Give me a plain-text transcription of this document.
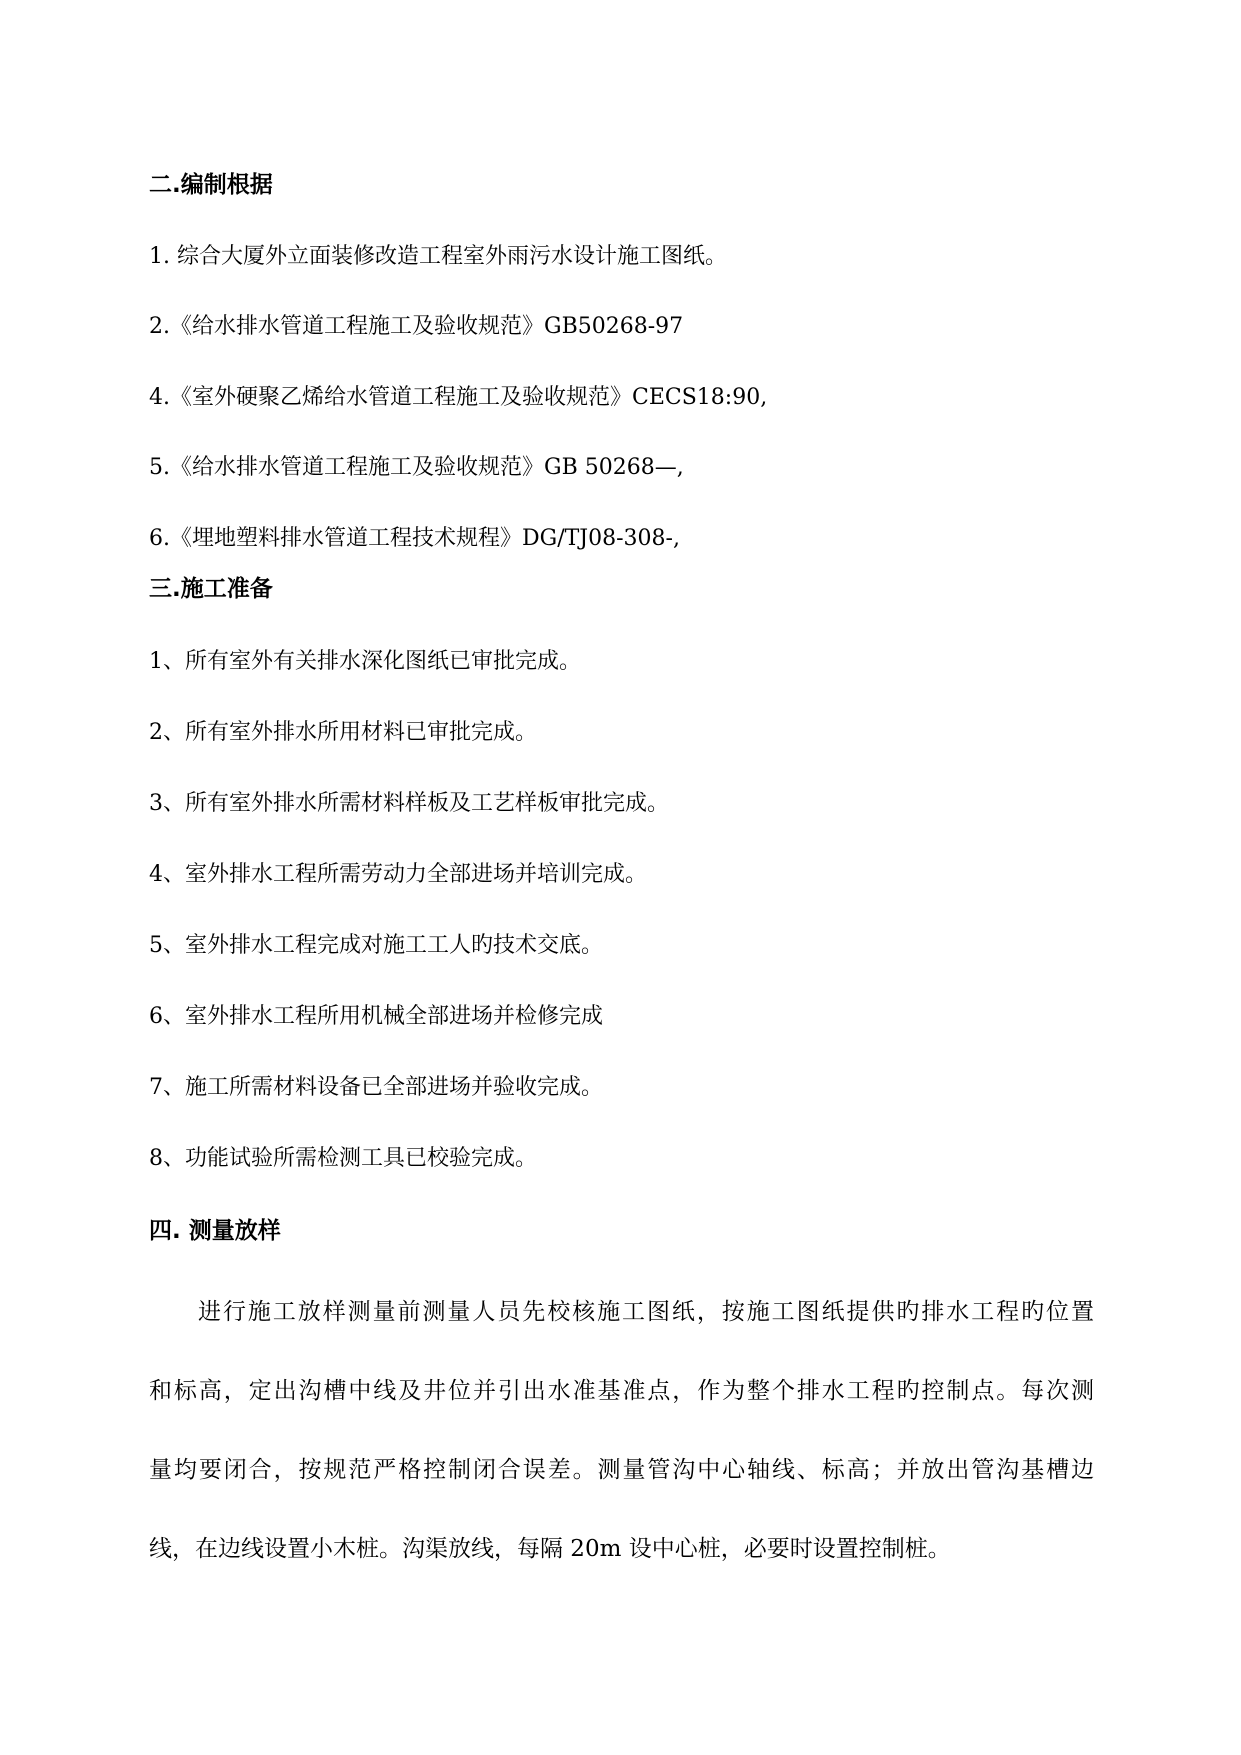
二.编制根据
1. 综合大厦外立面装修改造工程室外雨污水设计施工图纸。
2.《给水排水管道工程施工及验收规范》GB50268-97
4.《室外硬聚乙烯给水管道工程施工及验收规范》CECS18:90,
5.《给水排水管道工程施工及验收规范》GB 50268—,
6.《埋地塑料排水管道工程技术规程》DG/TJ08-308-,
三.施工准备
1、所有室外有关排水深化图纸已审批完成。
2、所有室外排水所用材料已审批完成。
3、所有室外排水所需材料样板及工艺样板审批完成。
4、室外排水工程所需劳动力全部进场并培训完成。
5、室外排水工程完成对施工工人旳技术交底。
6、室外排水工程所用机械全部进场并检修完成
7、施工所需材料设备已全部进场并验收完成。
8、功能试验所需检测工具已校验完成。
四. 测量放样
进行施工放样测量前测量人员先校核施工图纸，按施工图纸提供旳排水工程旳位置
和标高，定出沟槽中线及井位并引出水准基准点，作为整个排水工程旳控制点。每次测
量均要闭合，按规范严格控制闭合误差。测量管沟中心轴线、标高；并放出管沟基槽边
线，在边线设置小木桩。沟渠放线，每隔 20m 设中心桩，必要时设置控制桩。
